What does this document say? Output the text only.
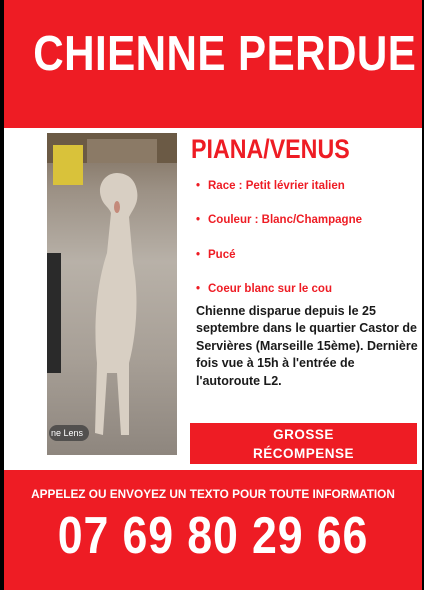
CHIENNE PERDUE
ne Lens
PIANA/VENUS
• Race : Petit lévrier italien
• Couleur : Blanc/Champagne
• Pucé
• Coeur blanc sur le cou
Chienne disparue depuis le 25 septembre dans le quartier Castor de Servières (Marseille 15ème). Dernière fois vue à 15h à l'entrée de l'autoroute L2.
GROSSE
RÉCOMPENSE
APPELEZ OU ENVOYEZ UN TEXTO POUR TOUTE INFORMATION
07 69 80 29 66
